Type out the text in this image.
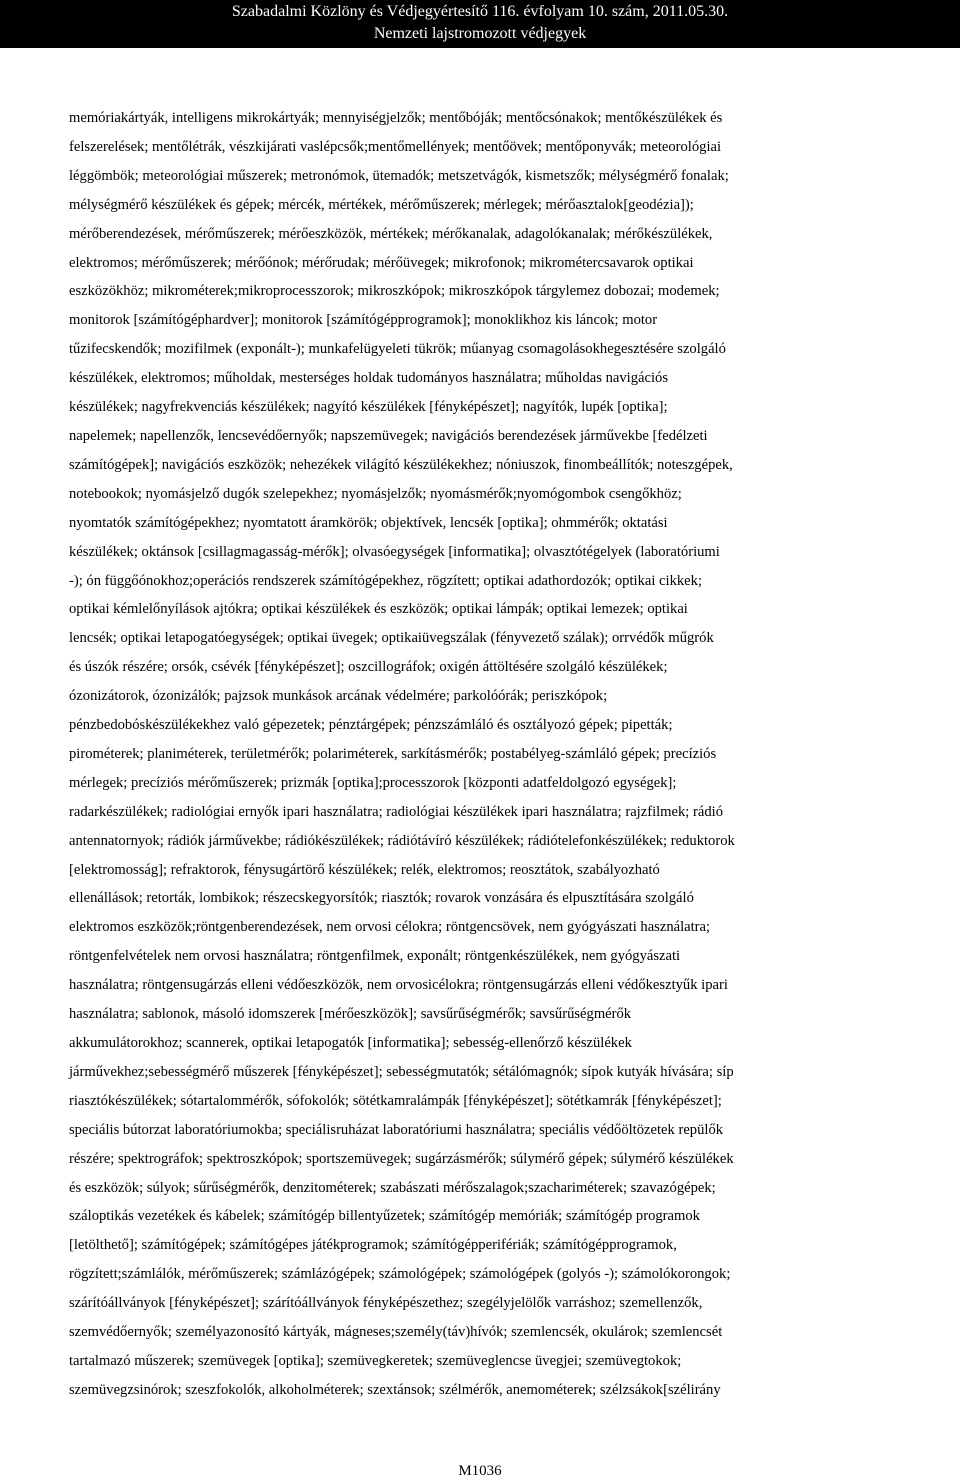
Szabadalmi Közlöny és Védjegyértesítő 116. évfolyam 10. szám, 2011.05.30.
Nemzeti lajstromozott védjegyek
memóriakártyák, intelligens mikrokártyák; mennyiségjelzők; mentőbóják; mentőcsónakok; mentőkészülékek és
felszerelések; mentőlétrák, vészkijárati vaslépcsők;mentőmellények; mentőövek; mentőponyvák; meteorológiai
léggömbök; meteorológiai műszerek; metronómok, ütemadók; metszetvágók, kismetszők; mélységmérő fonalak;
mélységmérő készülékek és gépek; mércék, mértékek, mérőműszerek; mérlegek; mérőasztalok[geodézia]);
mérőberendezések, mérőműszerek; mérőeszközök, mértékek; mérőkanalak, adagolókanalak; mérőkészülékek,
elektromos; mérőműszerek; mérőónok; mérőrudak; mérőüvegek; mikrofonok; mikrométercsavarok optikai
eszközökhöz; mikrométerek;mikroprocesszorok; mikroszkópok; mikroszkópok tárgylemez dobozai; modemek;
monitorok [számítógéphardver]; monitorok [számítógépprogramok]; monoklikhoz kis láncok; motor
tűzifecskendők; mozifilmek (exponált-); munkafelügyeleti tükrök; műanyag csomagolásokhegesztésére szolgáló
készülékek, elektromos; műholdak, mesterséges holdak tudományos használatra; műholdas navigációs
készülékek; nagyfrekvenciás készülékek; nagyító készülékek [fényképészet]; nagyítók, lupék [optika];
napelemek; napellenzők, lencsevédőernyők; napszemüvegek; navigációs berendezések járművekbe [fedélzeti
számítógépek]; navigációs eszközök; nehezékek világító készülékekhez; nóniuszok, finombeállítók; noteszgépek,
notebookok; nyomásjelző dugók szelepekhez; nyomásjelzők; nyomásmérők;nyomógombok csengőkhöz;
nyomtatók számítógépekhez; nyomtatott áramkörök; objektívek, lencsék [optika]; ohmmérők; oktatási
készülékek; oktánsok [csillagmagasság-mérők]; olvasóegységek [informatika]; olvasztótégelyek (laboratóriumi
-); ón függőónokhoz;operációs rendszerek számítógépekhez, rögzített; optikai adathordozók; optikai cikkek;
optikai kémlelőnyílások ajtókra; optikai készülékek és eszközök; optikai lámpák; optikai lemezek; optikai
lencsék; optikai letapogatóegységek; optikai üvegek; optikaiüvegszálak (fényvezető szálak); orrvédők műgrók
és úszók részére; orsók, csévék [fényképészet]; oszcillográfok; oxigén áttöltésére szolgáló készülékek;
ózonizátorok, ózonizálók; pajzsok munkások arcának védelmére; parkolóórák; periszkópok;
pénzbedobóskészülékekhez való gépezetek; pénztárgépek; pénzszámláló és osztályozó gépek; pipetták;
pirométerek; planiméterek, területmérők; polariméterek, sarkításmérők; postabélyeg-számláló gépek; precíziós
mérlegek; precíziós mérőműszerek; prizmák [optika];processzorok [központi adatfeldolgozó egységek];
radarkészülékek; radiológiai ernyők ipari használatra; radiológiai készülékek ipari használatra; rajzfilmek; rádió
antennatornyok; rádiók járművekbe; rádiókészülékek; rádiótávíró készülékek; rádiótelefonkészülékek; reduktorok
[elektromosság]; refraktorok, fénysugártörő készülékek; relék, elektromos; reosztátok, szabályozható
ellenállások; retorták, lombikok; részecskegyorsítók; riasztók; rovarok vonzására és elpusztítására szolgáló
elektromos eszközök;röntgenberendezések, nem orvosi célokra; röntgencsövek, nem gyógyászati használatra;
röntgenfelvételek nem orvosi használatra; röntgenfilmek, exponált; röntgenkészülékek, nem gyógyászati
használatra; röntgensugárzás elleni védőeszközök, nem orvosicélokra; röntgensugárzás elleni védőkesztyűk ipari
használatra; sablonok, másoló idomszerek [mérőeszközök]; savsűrűségmérők; savsűrűségmérők
akkumulátorokhoz; scannerek, optikai letapogatók [informatika]; sebesség-ellenőrző készülékek
járművekhez;sebességmérő műszerek [fényképészet]; sebességmutatók; sétálómagnók; sípok kutyák hívására; síp
riasztókészülékek; sótartalommérők, sófokolók; sötétkamralámpák [fényképészet]; sötétkamrák [fényképészet];
speciális bútorzat laboratóriumokba; speciálisruházat laboratóriumi használatra; speciális védőöltözetek repülők
részére; spektrográfok; spektroszkópok; sportszemüvegek; sugárzásmérők; súlymérő gépek; súlymérő készülékek
és eszközök; súlyok; sűrűségmérők, denzitométerek; szabászati mérőszalagok;szachariméterek; szavazógépek;
száloptikás vezetékek és kábelek; számítógép billentyűzetek; számítógép memóriák; számítógép programok
[letölthető]; számítógépek; számítógépes játékprogramok; számítógépperifériák; számítógépprogramok,
rögzített;számlálók, mérőműszerek; számlázógépek; számológépek; számológépek (golyós -); számolókorongok;
szárítóállványok [fényképészet]; szárítóállványok fényképészethez; szegélyjelölők varráshoz; szemellenzők,
szemvédőernyők; személyazonosító kártyák, mágneses;személy(táv)hívók; szemlencsék, okulárok; szemlencsét
tartalmazó műszerek; szemüvegek [optika]; szemüvegkeretek; szemüveglencse üvegjei; szemüvegtokok;
szemüvegzsinórok; szeszfokolók, alkoholméterek; szextánsok; szélmérők, anemométerek; szélzsákok[szélirány
M1036
